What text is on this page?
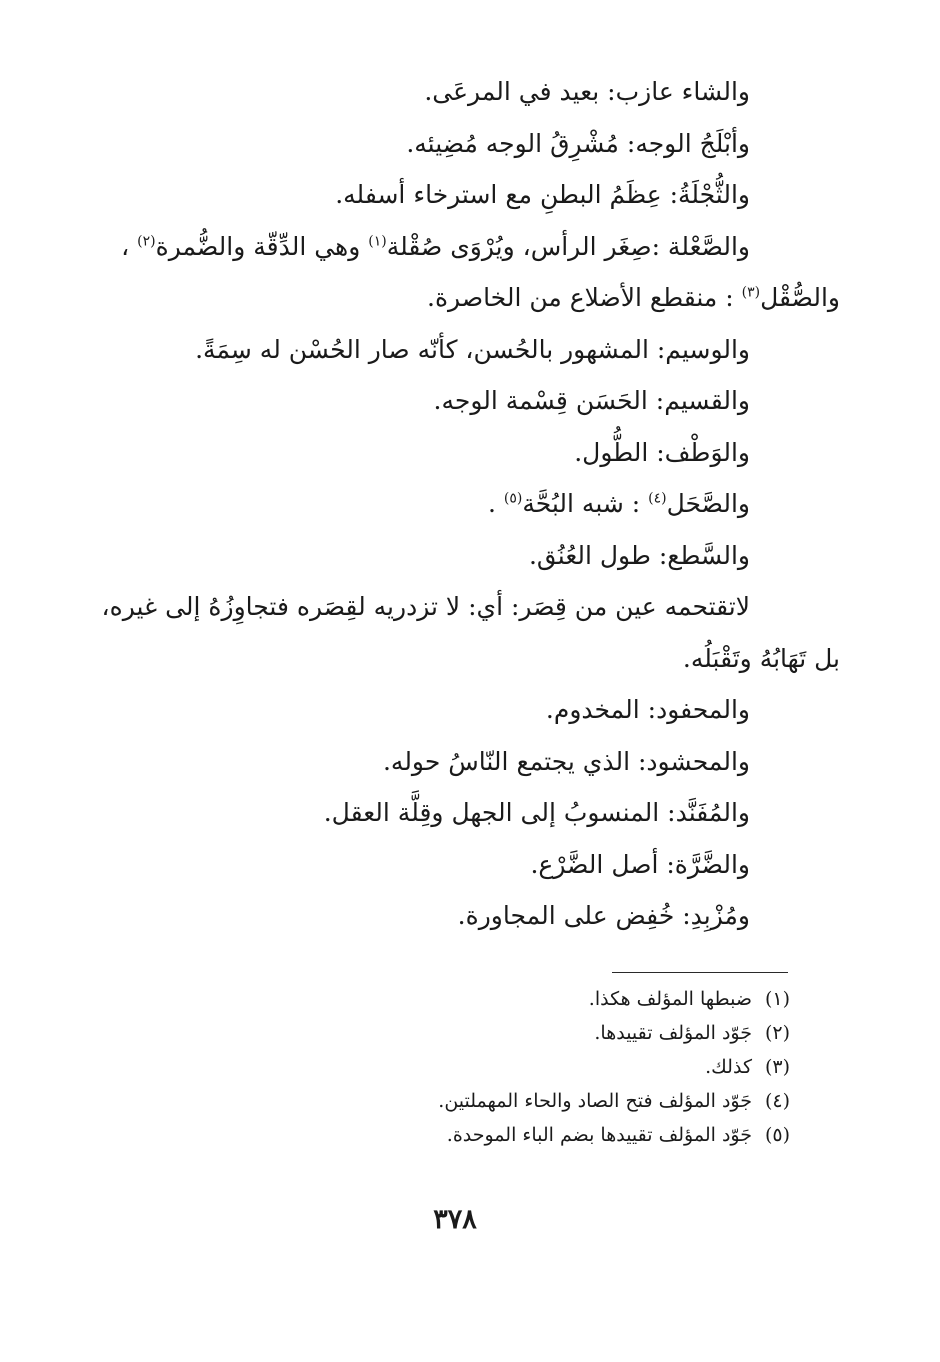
والشاء عازب: بعيد في المرعَى.
وأبْلَجُ الوجه: مُشْرِقُ الوجه مُضِيئه.
والثُّجْلَةُ: عِظَمُ البطنِ مع استرخاء أسفله.
والصَّعْلة :صِغَر الرأس، ويُرْوَى صُقْلة$^{(١)}$ وهي الدِّقّة والضُّمرة$^{(٢)}$ ،
والصُّقْل$^{(٣)}$ : منقطع الأضلاع من الخاصرة.
والوسيم: المشهور بالحُسن، كأنّه صار الحُسْن له سِمَةً.
والقسيم: الحَسَن قِسْمة الوجه.
والوَطْف: الطُّول.
والصَّحَل$^{(٤)}$ : شبه البُحَّة$^{(٥)}$ .
والسَّطع: طول العُنُق.
لاتقتحمه عين من قِصَر: أي: لا تزدريه لقِصَره فتجاوِزُهُ إلى غيره،
بل تَهَابُهُ وتَقْبَلُه.
والمحفود: المخدوم.
والمحشود: الذي يجتمع النّاسُ حوله.
والمُفَنَّد: المنسوبُ إلى الجهل وقِلَّة العقل.
والضَّرَّة: أصل الضَّرْع.
ومُزْبِدِ: خُفِض على المجاورة.
(١)ضبطها المؤلف هكذا.
(٢)جَوّد المؤلف تقييدها.
(٣)كذلك.
(٤)جَوّد المؤلف فتح الصاد والحاء المهملتين.
(٥)جَوّد المؤلف تقييدها بضم الباء الموحدة.
٣٧٨
